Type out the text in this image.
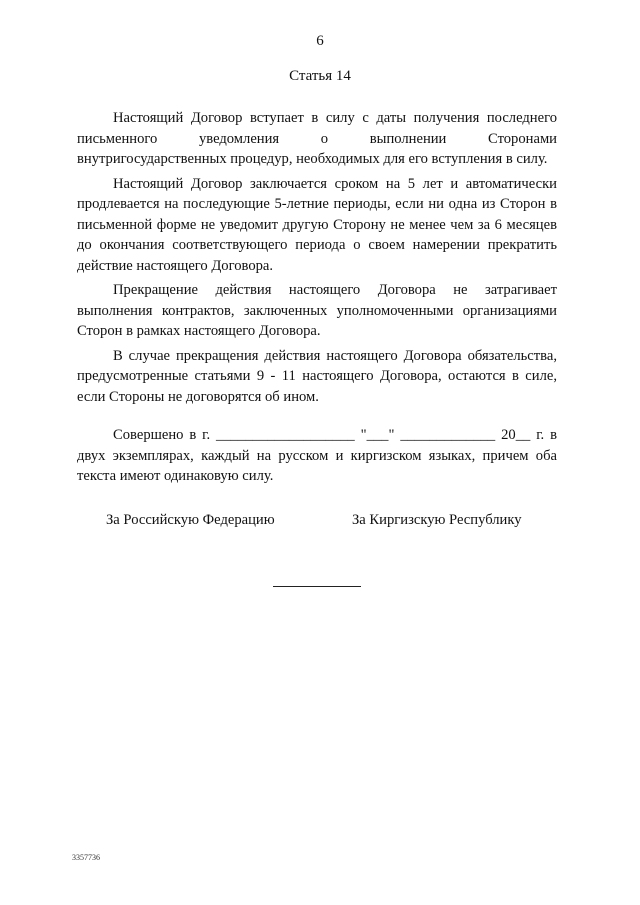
6
Статья 14

Настоящий Договор вступает в силу с даты получения последнего письменного уведомления о выполнении Сторонами внутригосударственных процедур, необходимых для его вступления в силу.

Настоящий Договор заключается сроком на 5 лет и автоматически продлевается на последующие 5-летние периоды, если ни одна из Сторон в письменной форме не уведомит другую Сторону не менее чем за 6 месяцев до окончания соответствующего периода о своем намерении прекратить действие настоящего Договора.

Прекращение действия настоящего Договора не затрагивает выполнения контрактов, заключенных уполномоченными организациями Сторон в рамках настоящего Договора.

В случае прекращения действия настоящего Договора обязательства, предусмотренные статьями 9 - 11 настоящего Договора, остаются в силе, если Стороны не договорятся об ином.

Совершено в г. ___________________ "___" _____________ 20__ г. в двух экземплярах, каждый на русском и киргизском языках, причем оба текста имеют одинаковую силу.

За Российскую Федерацию	За Киргизскую Республику
3357736
